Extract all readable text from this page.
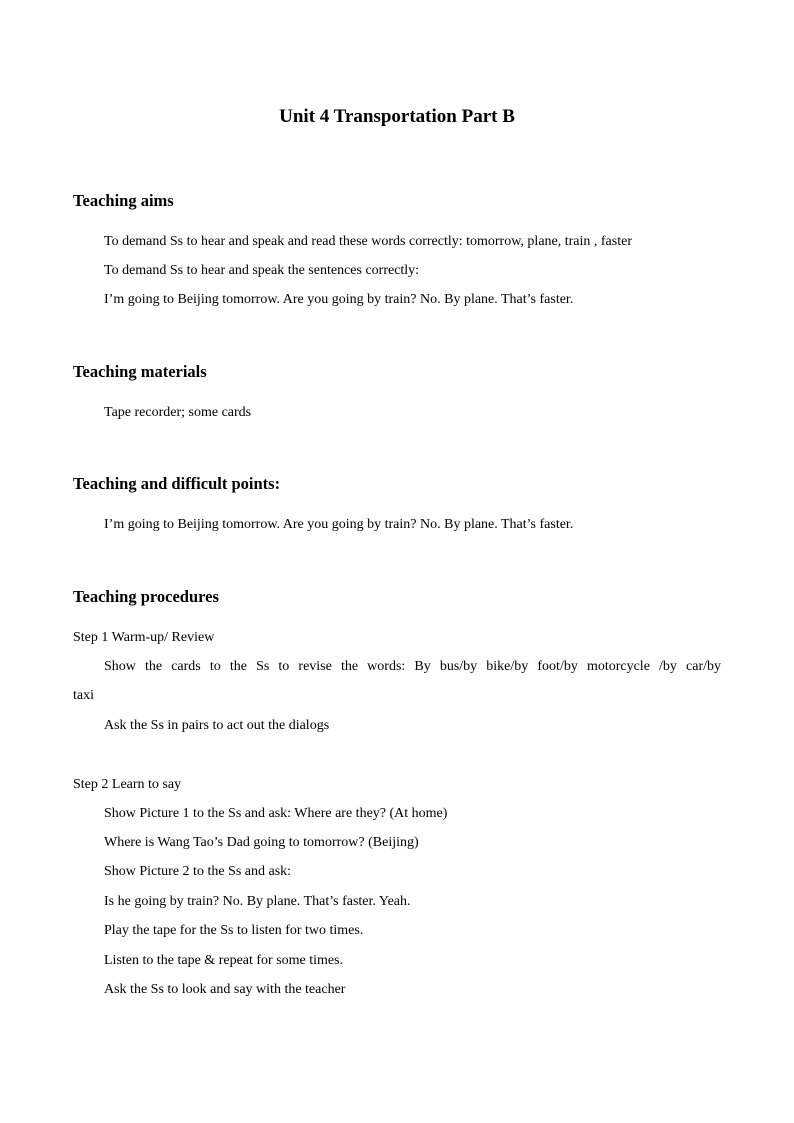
Unit 4 Transportation Part B
Teaching aims
To demand Ss to hear and speak and read these words correctly: tomorrow, plane, train , faster
To demand Ss to hear and speak the sentences correctly:
I’m going to Beijing tomorrow. Are you going by train? No. By plane. That’s faster.
Teaching materials
Tape recorder; some cards
Teaching and difficult points:
I’m going to Beijing tomorrow. Are you going by train? No. By plane. That’s faster.
Teaching procedures
Step 1 Warm-up/ Review
Show the cards to the Ss to revise the words: By bus/by bike/by foot/by motorcycle /by car/by
taxi
Ask the Ss in pairs to act out the dialogs
Step 2 Learn to say
Show Picture 1 to the Ss and ask: Where are they? (At home)
Where is Wang Tao’s Dad going to tomorrow? (Beijing)
Show Picture 2 to the Ss and ask:
Is he going by train? No. By plane. That’s faster. Yeah.
Play the tape for the Ss to listen for two times.
Listen to the tape & repeat for some times.
Ask the Ss to look and say with the teacher
